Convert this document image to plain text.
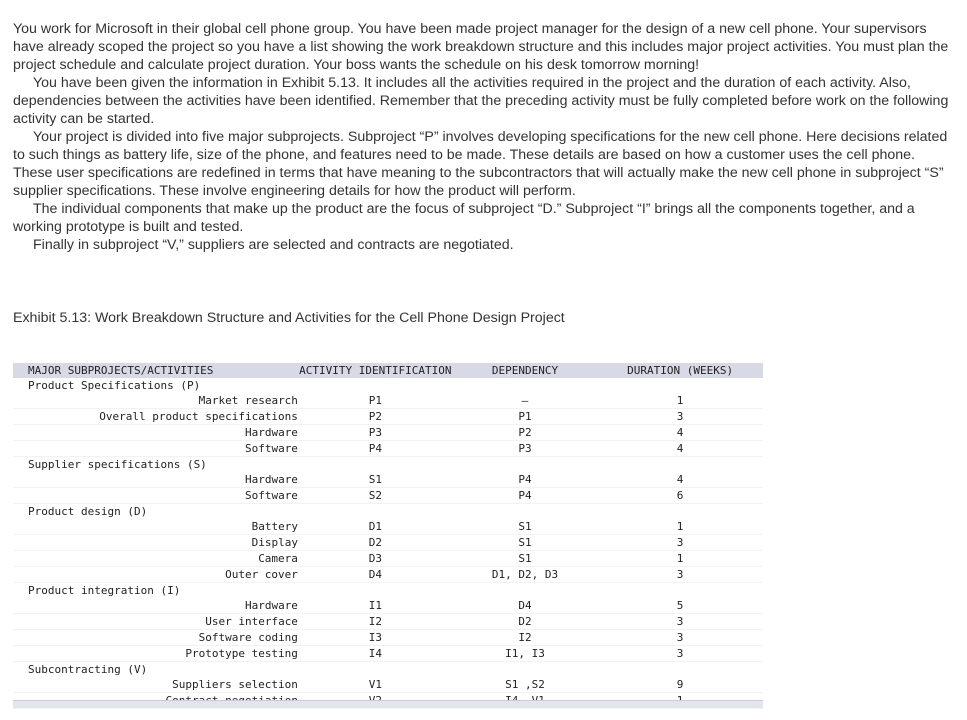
You work for Microsoft in their global cell phone group. You have been made project manager for the design of a new cell phone. Your supervisors have already scoped the project so you have a list showing the work breakdown structure and this includes major project activities. You must plan the project schedule and calculate project duration. Your boss wants the schedule on his desk tomorrow morning!

You have been given the information in Exhibit 5.13. It includes all the activities required in the project and the duration of each activity. Also, dependencies between the activities have been identified. Remember that the preceding activity must be fully completed before work on the following activity can be started.

Your project is divided into five major subprojects. Subproject “P” involves developing specifications for the new cell phone. Here decisions related to such things as battery life, size of the phone, and features need to be made. These details are based on how a customer uses the cell phone. These user specifications are redefined in terms that have meaning to the subcontractors that will actually make the new cell phone in subproject “S” supplier specifications. These involve engineering details for how the product will perform.

The individual components that make up the product are the focus of subproject “D.” Subproject “I” brings all the components together, and a working prototype is built and tested.

Finally in subproject “V,” suppliers are selected and contracts are negotiated.

Exhibit 5.13: Work Breakdown Structure and Activities for the Cell Phone Design Project
MAJOR SUBPROJECTS/ACTIVITIES	ACTIVITY IDENTIFICATION	DEPENDENCY	DURATION (WEEKS)
Product Specifications (P)			
Market research	P1	—	1
Overall product specifications	P2	P1	3
Hardware	P3	P2	4
Software	P4	P3	4
Supplier specifications (S)			
Hardware	S1	P4	4
Software	S2	P4	6
Product design (D)			
Battery	D1	S1	1
Display	D2	S1	3
Camera	D3	S1	1
Outer cover	D4	D1, D2, D3	3
Product integration (I)			
Hardware	I1	D4	5
User interface	I2	D2	3
Software coding	I3	I2	3
Prototype testing	I4	I1, I3	3
Subcontracting (V)			
Suppliers selection	V1	S1 ,S2	9
